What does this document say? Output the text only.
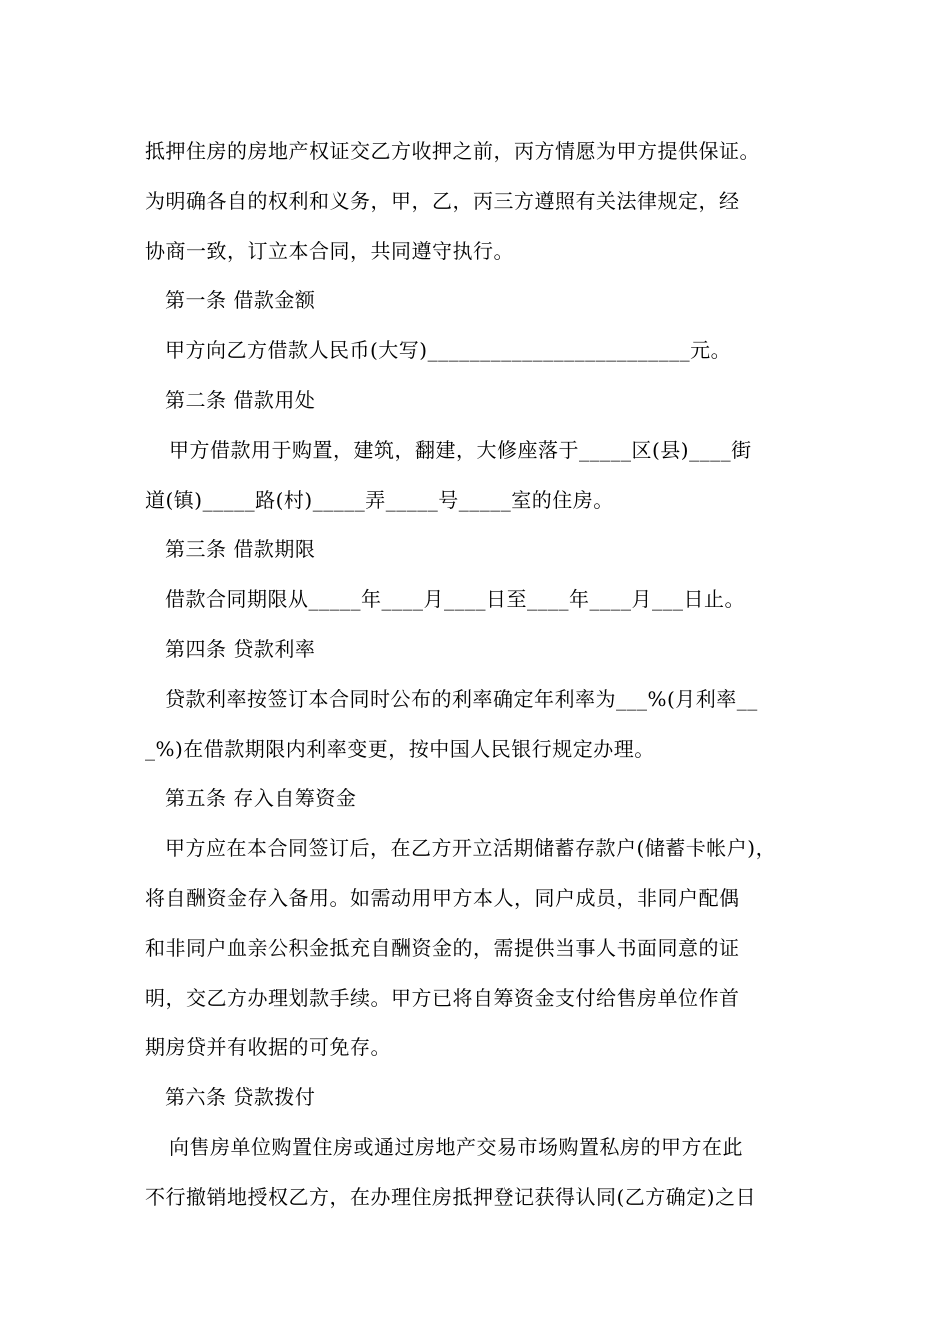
抵押住房的房地产权证交乙方收押之前，丙方情愿为甲方提供保证。
为明确各自的权利和义务，甲，乙，丙三方遵照有关法律规定，经
协商一致，订立本合同，共同遵守执行。
第一条 借款金额
甲方向乙方借款人民币(大写)_________________________元。
第二条 借款用处
甲方借款用于购置，建筑，翻建，大修座落于_____区(县)____街
道(镇)_____路(村)_____弄_____号_____室的住房。
第三条 借款期限
借款合同期限从_____年____月____日至____年____月___日止。
第四条 贷款利率
贷款利率按签订本合同时公布的利率确定年利率为___%(月利率__
_%)在借款期限内利率变更，按中国人民银行规定办理。
第五条 存入自筹资金
甲方应在本合同签订后，在乙方开立活期储蓄存款户(储蓄卡帐户)，
将自酬资金存入备用。如需动用甲方本人，同户成员，非同户配偶
和非同户血亲公积金抵充自酬资金的，需提供当事人书面同意的证
明，交乙方办理划款手续。甲方已将自筹资金支付给售房单位作首
期房贷并有收据的可免存。
第六条 贷款拨付
向售房单位购置住房或通过房地产交易市场购置私房的甲方在此
不行撤销地授权乙方，在办理住房抵押登记获得认同(乙方确定)之日
